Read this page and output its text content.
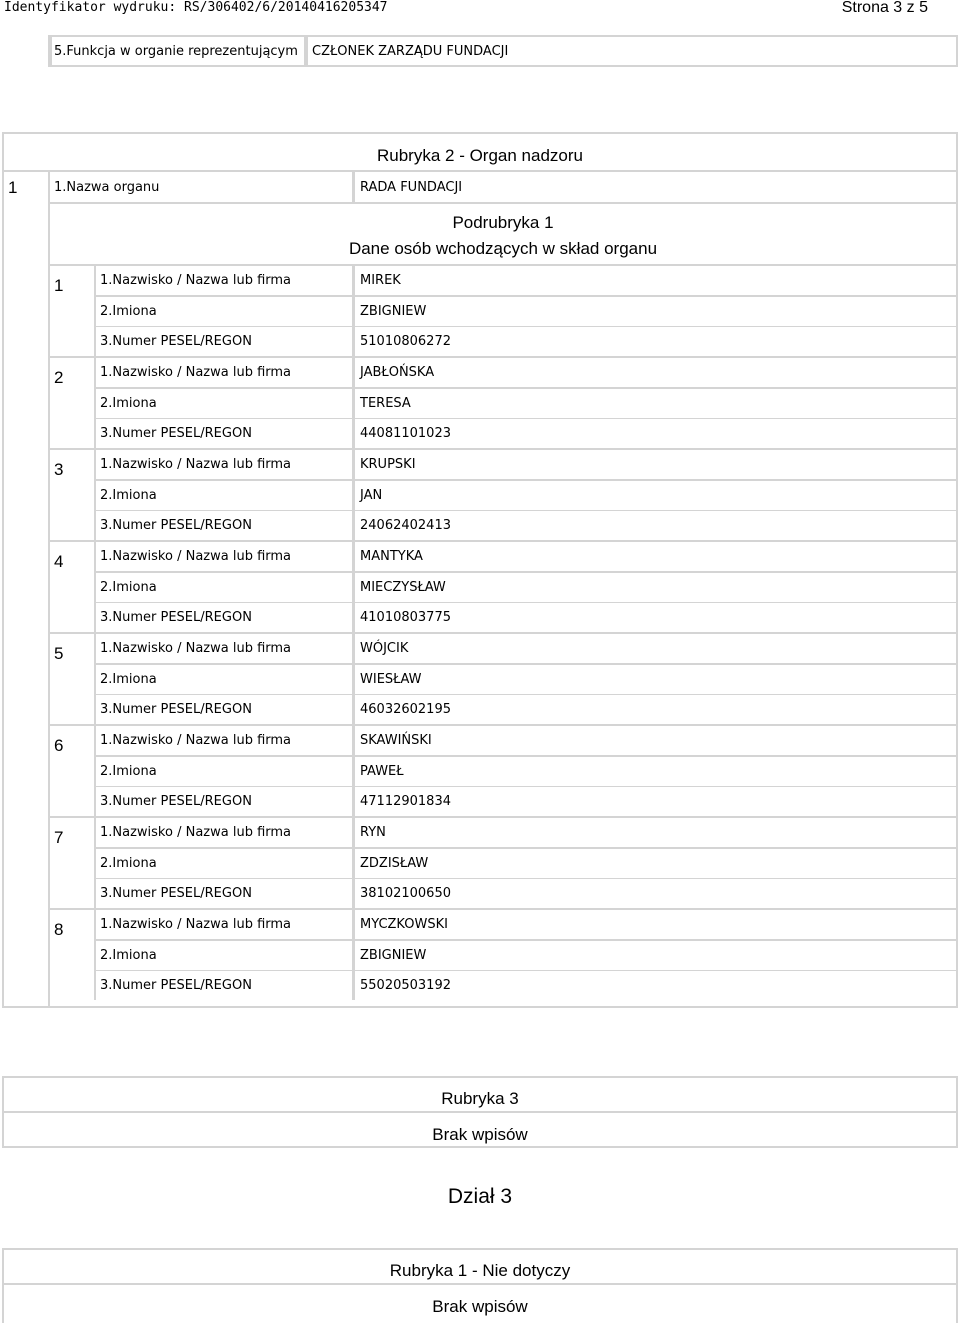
Identyfikator wydruku: RS/306402/6/20140416205347	Strona 3 z 5
5.Funkcja w organie reprezentującym CZŁONEK ZARZĄDU FUNDACJI
Rubryka 2 - Organ nadzoru
1	1.Nazwa organu	RADA FUNDACJI
Podrubryka 1
Dane osób wchodzących w skład organu
1	1.Nazwisko / Nazwa lub firma	MIREK
2.Imiona	ZBIGNIEW
3.Numer PESEL/REGON	51010806272
2	1.Nazwisko / Nazwa lub firma	JABŁOŃSKA
2.Imiona	TERESA
3.Numer PESEL/REGON	44081101023
3	1.Nazwisko / Nazwa lub firma	KRUPSKI
2.Imiona	JAN
3.Numer PESEL/REGON	24062402413
4	1.Nazwisko / Nazwa lub firma	MANTYKA
2.Imiona	MIECZYSŁAW
3.Numer PESEL/REGON	41010803775
5	1.Nazwisko / Nazwa lub firma	WÓJCIK
2.Imiona	WIESŁAW
3.Numer PESEL/REGON	46032602195
6	1.Nazwisko / Nazwa lub firma	SKAWIŃSKI
2.Imiona	PAWEŁ
3.Numer PESEL/REGON	47112901834
7	1.Nazwisko / Nazwa lub firma	RYN
2.Imiona	ZDZISŁAW
3.Numer PESEL/REGON	38102100650
8	1.Nazwisko / Nazwa lub firma	MYCZKOWSKI
2.Imiona	ZBIGNIEW
3.Numer PESEL/REGON	55020503192
Rubryka 3
Brak wpisów
Dział 3
Rubryka 1 - Nie dotyczy
Brak wpisów
